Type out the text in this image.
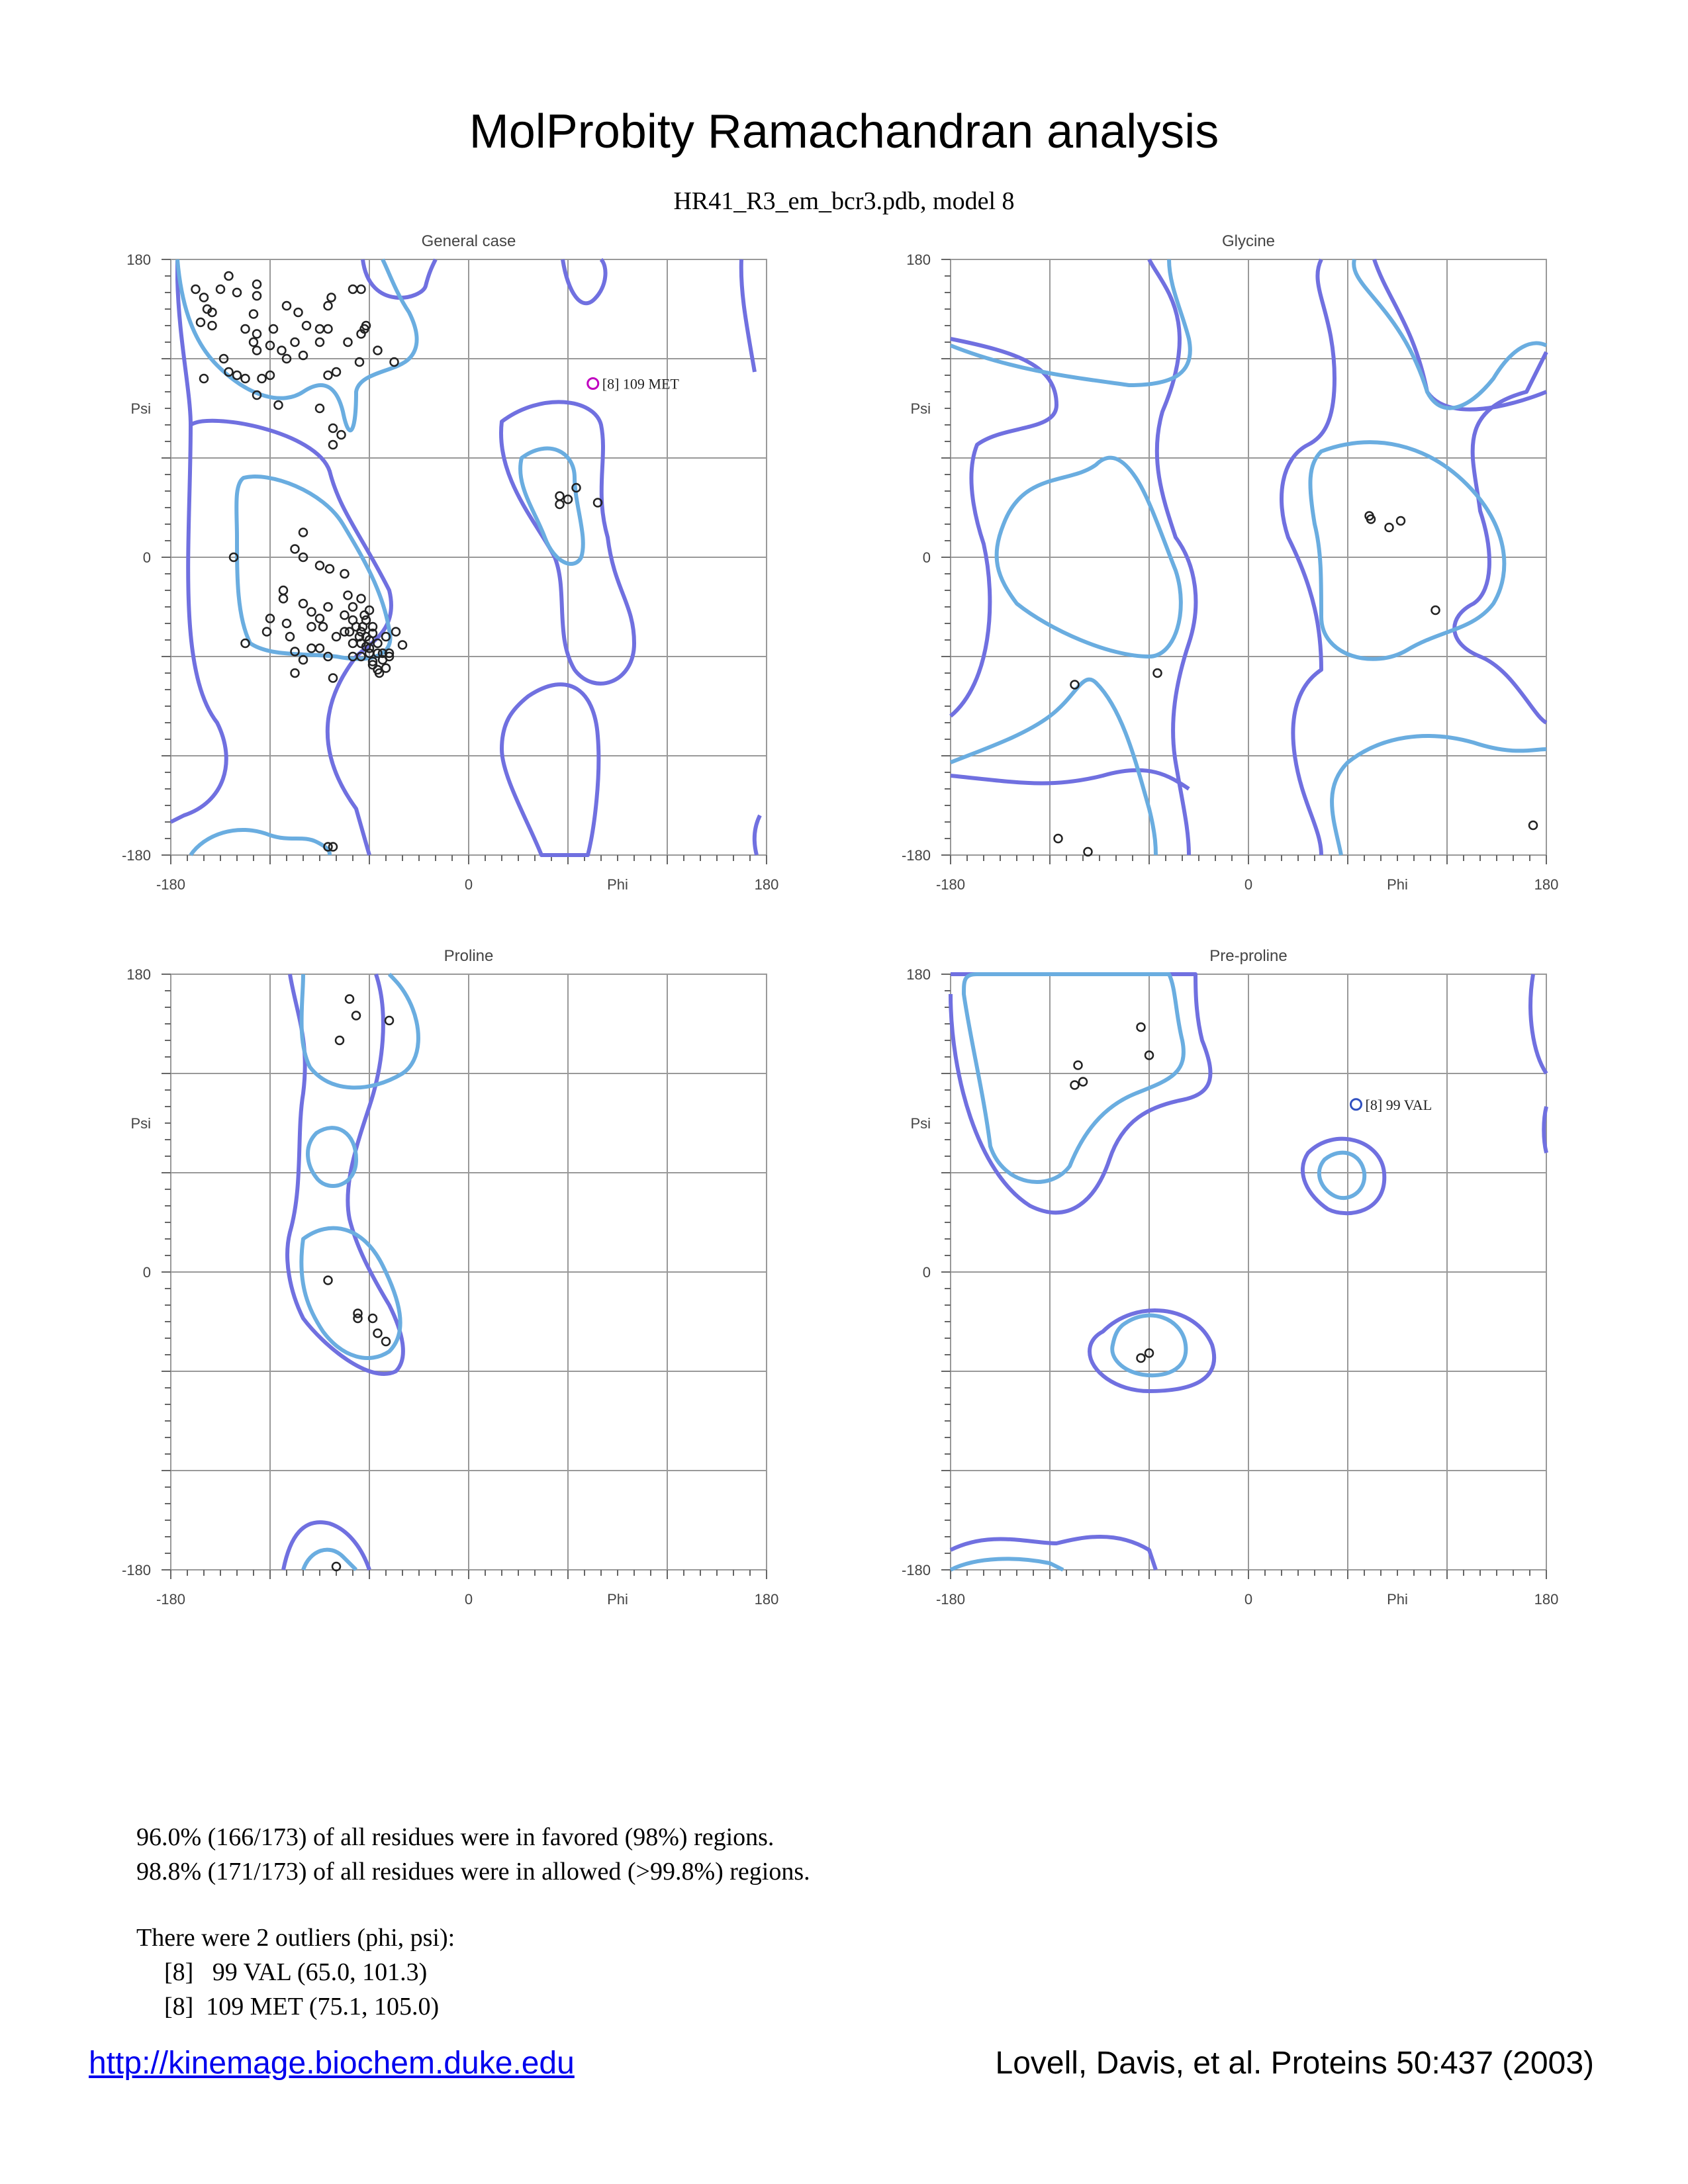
MolProbity Ramachandran analysis
HR41_R3_em_bcr3.pdb, model 8
[8] 109 MET
General case
-180	0	Phi	180
180
Psi
0
-180
Glycine
-180	0	Phi	180
180
Psi
0
-180
Proline
-180	0	Phi	180
180
Psi
0
-180
[8] 99 VAL
Pre-proline
-180	0	Phi	180
180
Psi
0
-180
96.0% (166/173) of all residues were in favored (98%) regions.
98.8% (171/173) of all residues were in allowed (>99.8%) regions.
There were 2 outliers (phi, psi):
[8]   99 VAL (65.0, 101.3)
[8]  109 MET (75.1, 105.0)
http://kinemage.biochem.duke.edu	Lovell, Davis, et al. Proteins 50:437 (2003)
